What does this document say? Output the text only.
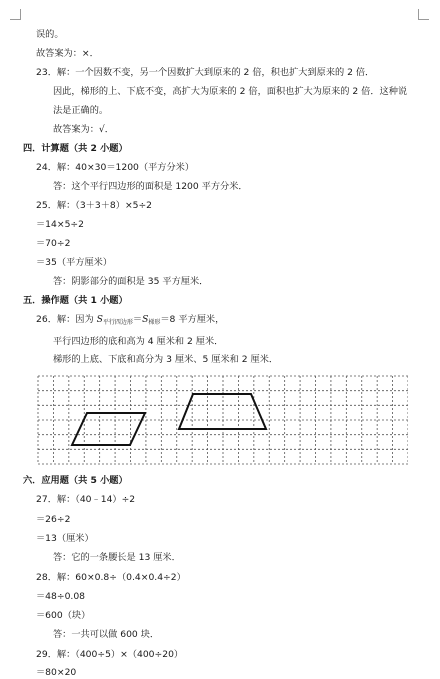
误的。
故答案为：×．
23．解：一个因数不变，另一个因数扩大到原来的 2 倍，积也扩大到原来的 2 倍．
因此，梯形的上、下底不变，高扩大为原来的 2 倍，面积也扩大为原来的 2 倍．这种说
法是正确的。
故答案为：√．
四．计算题（共 2 小题）
24．解：40×30＝1200（平方分米）
答：这个平行四边形的面积是 1200 平方分米．
25．解：（3＋3＋8）×5÷2
＝14×5÷2
＝70÷2
＝35（平方厘米）
答：阴影部分的面积是 35 平方厘米．
五．操作题（共 1 小题）
26．解：因为 $S_{平行四边形}=S_{梯形}=8$ 平方厘米，
平行四边形的底和高为 4 厘米和 2 厘米．
梯形的上底、下底和高分为 3 厘米、5 厘米和 2 厘米．
六．应用题（共 5 小题）
27．解：（40﹣14）÷2
＝26÷2
＝13（厘米）
答：它的一条腰长是 13 厘米．
28．解：60×0.8÷（0.4×0.4÷2）
＝48÷0.08
＝600（块）
答：一共可以做 600 块．
29．解：（400÷5）×（400÷20）
＝80×20
